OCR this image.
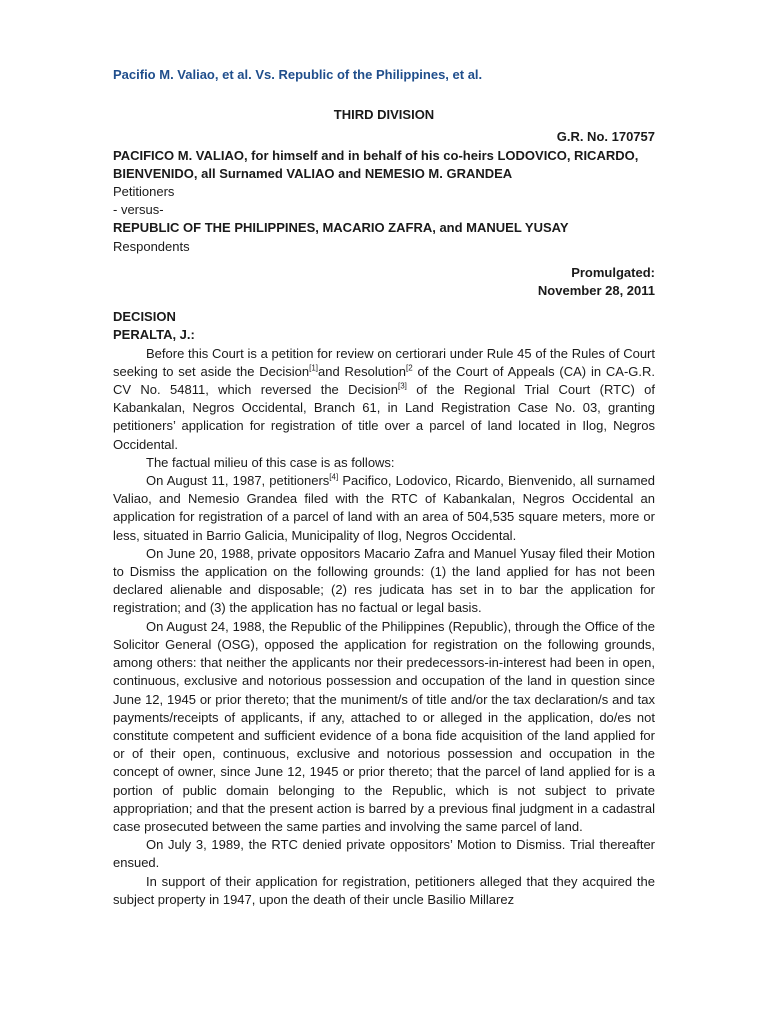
Pacifio M. Valiao, et al. Vs. Republic of the Philippines, et al.

THIRD DIVISION

G.R. No. 170757

PACIFICO M. VALIAO, for himself and in behalf of his co-heirs LODOVICO, RICARDO, BIENVENIDO, all Surnamed VALIAO and NEMESIO M. GRANDEA

Petitioners

- versus-

REPUBLIC OF THE PHILIPPINES, MACARIO ZAFRA, and MANUEL YUSAY

Respondents

Promulgated:

November 28, 2011

DECISION

PERALTA, J.:

Before this Court is a petition for review on certiorari under Rule 45 of the Rules of Court seeking to set aside the Decision[1]and Resolution$^{[2}$ of the Court of Appeals (CA) in CA-G.R. CV No. 54811, which reversed the Decision[3] of the Regional Trial Court (RTC) of Kabankalan, Negros Occidental, Branch 61, in Land Registration Case No. 03, granting petitioners’ application for registration of title over a parcel of land located in Ilog, Negros Occidental.

The factual milieu of this case is as follows:

On August 11, 1987, petitioners[4] Pacifico, Lodovico, Ricardo, Bienvenido, all surnamed Valiao, and Nemesio Grandea filed with the RTC of Kabankalan, Negros Occidental an application for registration of a parcel of land with an area of 504,535 square meters, more or less, situated in Barrio Galicia, Municipality of Ilog, Negros Occidental.

On June 20, 1988, private oppositors Macario Zafra and Manuel Yusay filed their Motion to Dismiss the application on the following grounds: (1) the land applied for has not been declared alienable and disposable; (2) res judicata has set in to bar the application for registration; and (3) the application has no factual or legal basis.

On August 24, 1988, the Republic of the Philippines (Republic), through the Office of the Solicitor General (OSG), opposed the application for registration on the following grounds, among others: that neither the applicants nor their predecessors-in-interest had been in open, continuous, exclusive and notorious possession and occupation of the land in question since June 12, 1945 or prior thereto; that the muniment/s of title and/or the tax declaration/s and tax payments/receipts of applicants, if any, attached to or alleged in the application, do/es not constitute competent and sufficient evidence of a bona fide acquisition of the land applied for or of their open, continuous, exclusive and notorious possession and occupation in the concept of owner, since June 12, 1945 or prior thereto; that the parcel of land applied for is a portion of public domain belonging to the Republic, which is not subject to private appropriation; and that the present action is barred by a previous final judgment in a cadastral case prosecuted between the same parties and involving the same parcel of land.

On July 3, 1989, the RTC denied private oppositors’ Motion to Dismiss. Trial thereafter ensued.

In support of their application for registration, petitioners alleged that they acquired the subject property in 1947, upon the death of their uncle Basilio Millarez
